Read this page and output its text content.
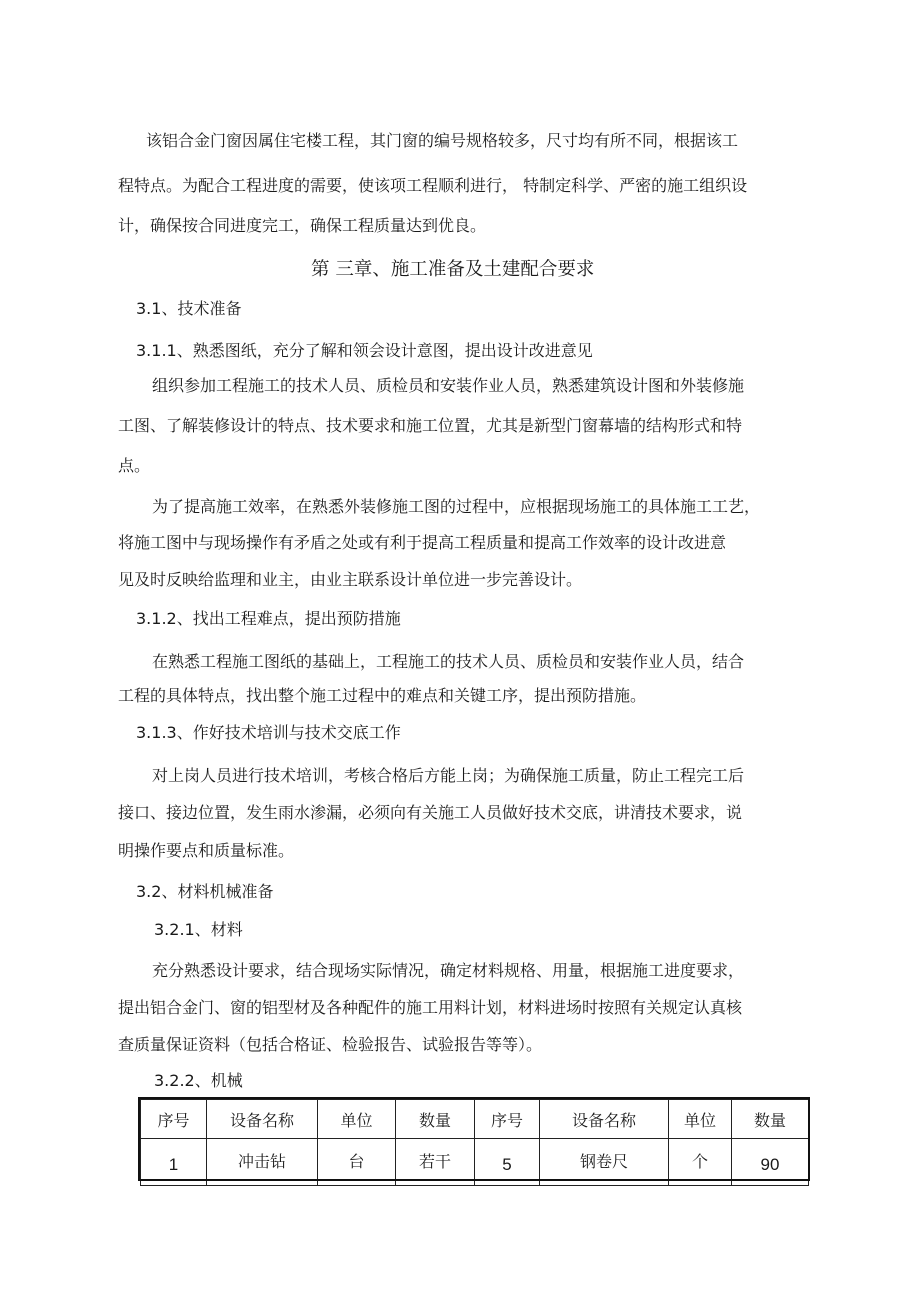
该铝合金门窗因属住宅楼工程，其门窗的编号规格较多，尺寸均有所不同，根据该工
程特点。为配合工程进度的需要，使该项工程顺利进行， 特制定科学、严密的施工组织设
计，确保按合同进度完工，确保工程质量达到优良。
第 三章、施工准备及土建配合要求
3.1、技术准备
3.1.1、熟悉图纸，充分了解和领会设计意图，提出设计改进意见
组织参加工程施工的技术人员、质检员和安装作业人员，熟悉建筑设计图和外装修施
工图、了解装修设计的特点、技术要求和施工位置，尤其是新型门窗幕墙的结构形式和特
点。
为了提高施工效率，在熟悉外装修施工图的过程中，应根据现场施工的具体施工工艺，
将施工图中与现场操作有矛盾之处或有利于提高工程质量和提高工作效率的设计改进意
见及时反映给监理和业主，由业主联系设计单位进一步完善设计。
3.1.2、找出工程难点，提出预防措施
在熟悉工程施工图纸的基础上，工程施工的技术人员、质检员和安装作业人员，结合
工程的具体特点，找出整个施工过程中的难点和关键工序，提出预防措施。
3.1.3、作好技术培训与技术交底工作
对上岗人员进行技术培训，考核合格后方能上岗；为确保施工质量，防止工程完工后
接口、接边位置，发生雨水渗漏，必须向有关施工人员做好技术交底，讲清技术要求，说
明操作要点和质量标准。
3.2、材料机械准备
3.2.1、材料
充分熟悉设计要求，结合现场实际情况，确定材料规格、用量，根据施工进度要求，
提出铝合金门、窗的铝型材及各种配件的施工用料计划，材料进场时按照有关规定认真核
查质量保证资料（包括合格证、检验报告、试验报告等等）。
3.2.2、机械
序号	设备名称	单位	数量	序号	设备名称	单位	数量
1	冲击钻	台	若干	5	钢卷尺	个	90
